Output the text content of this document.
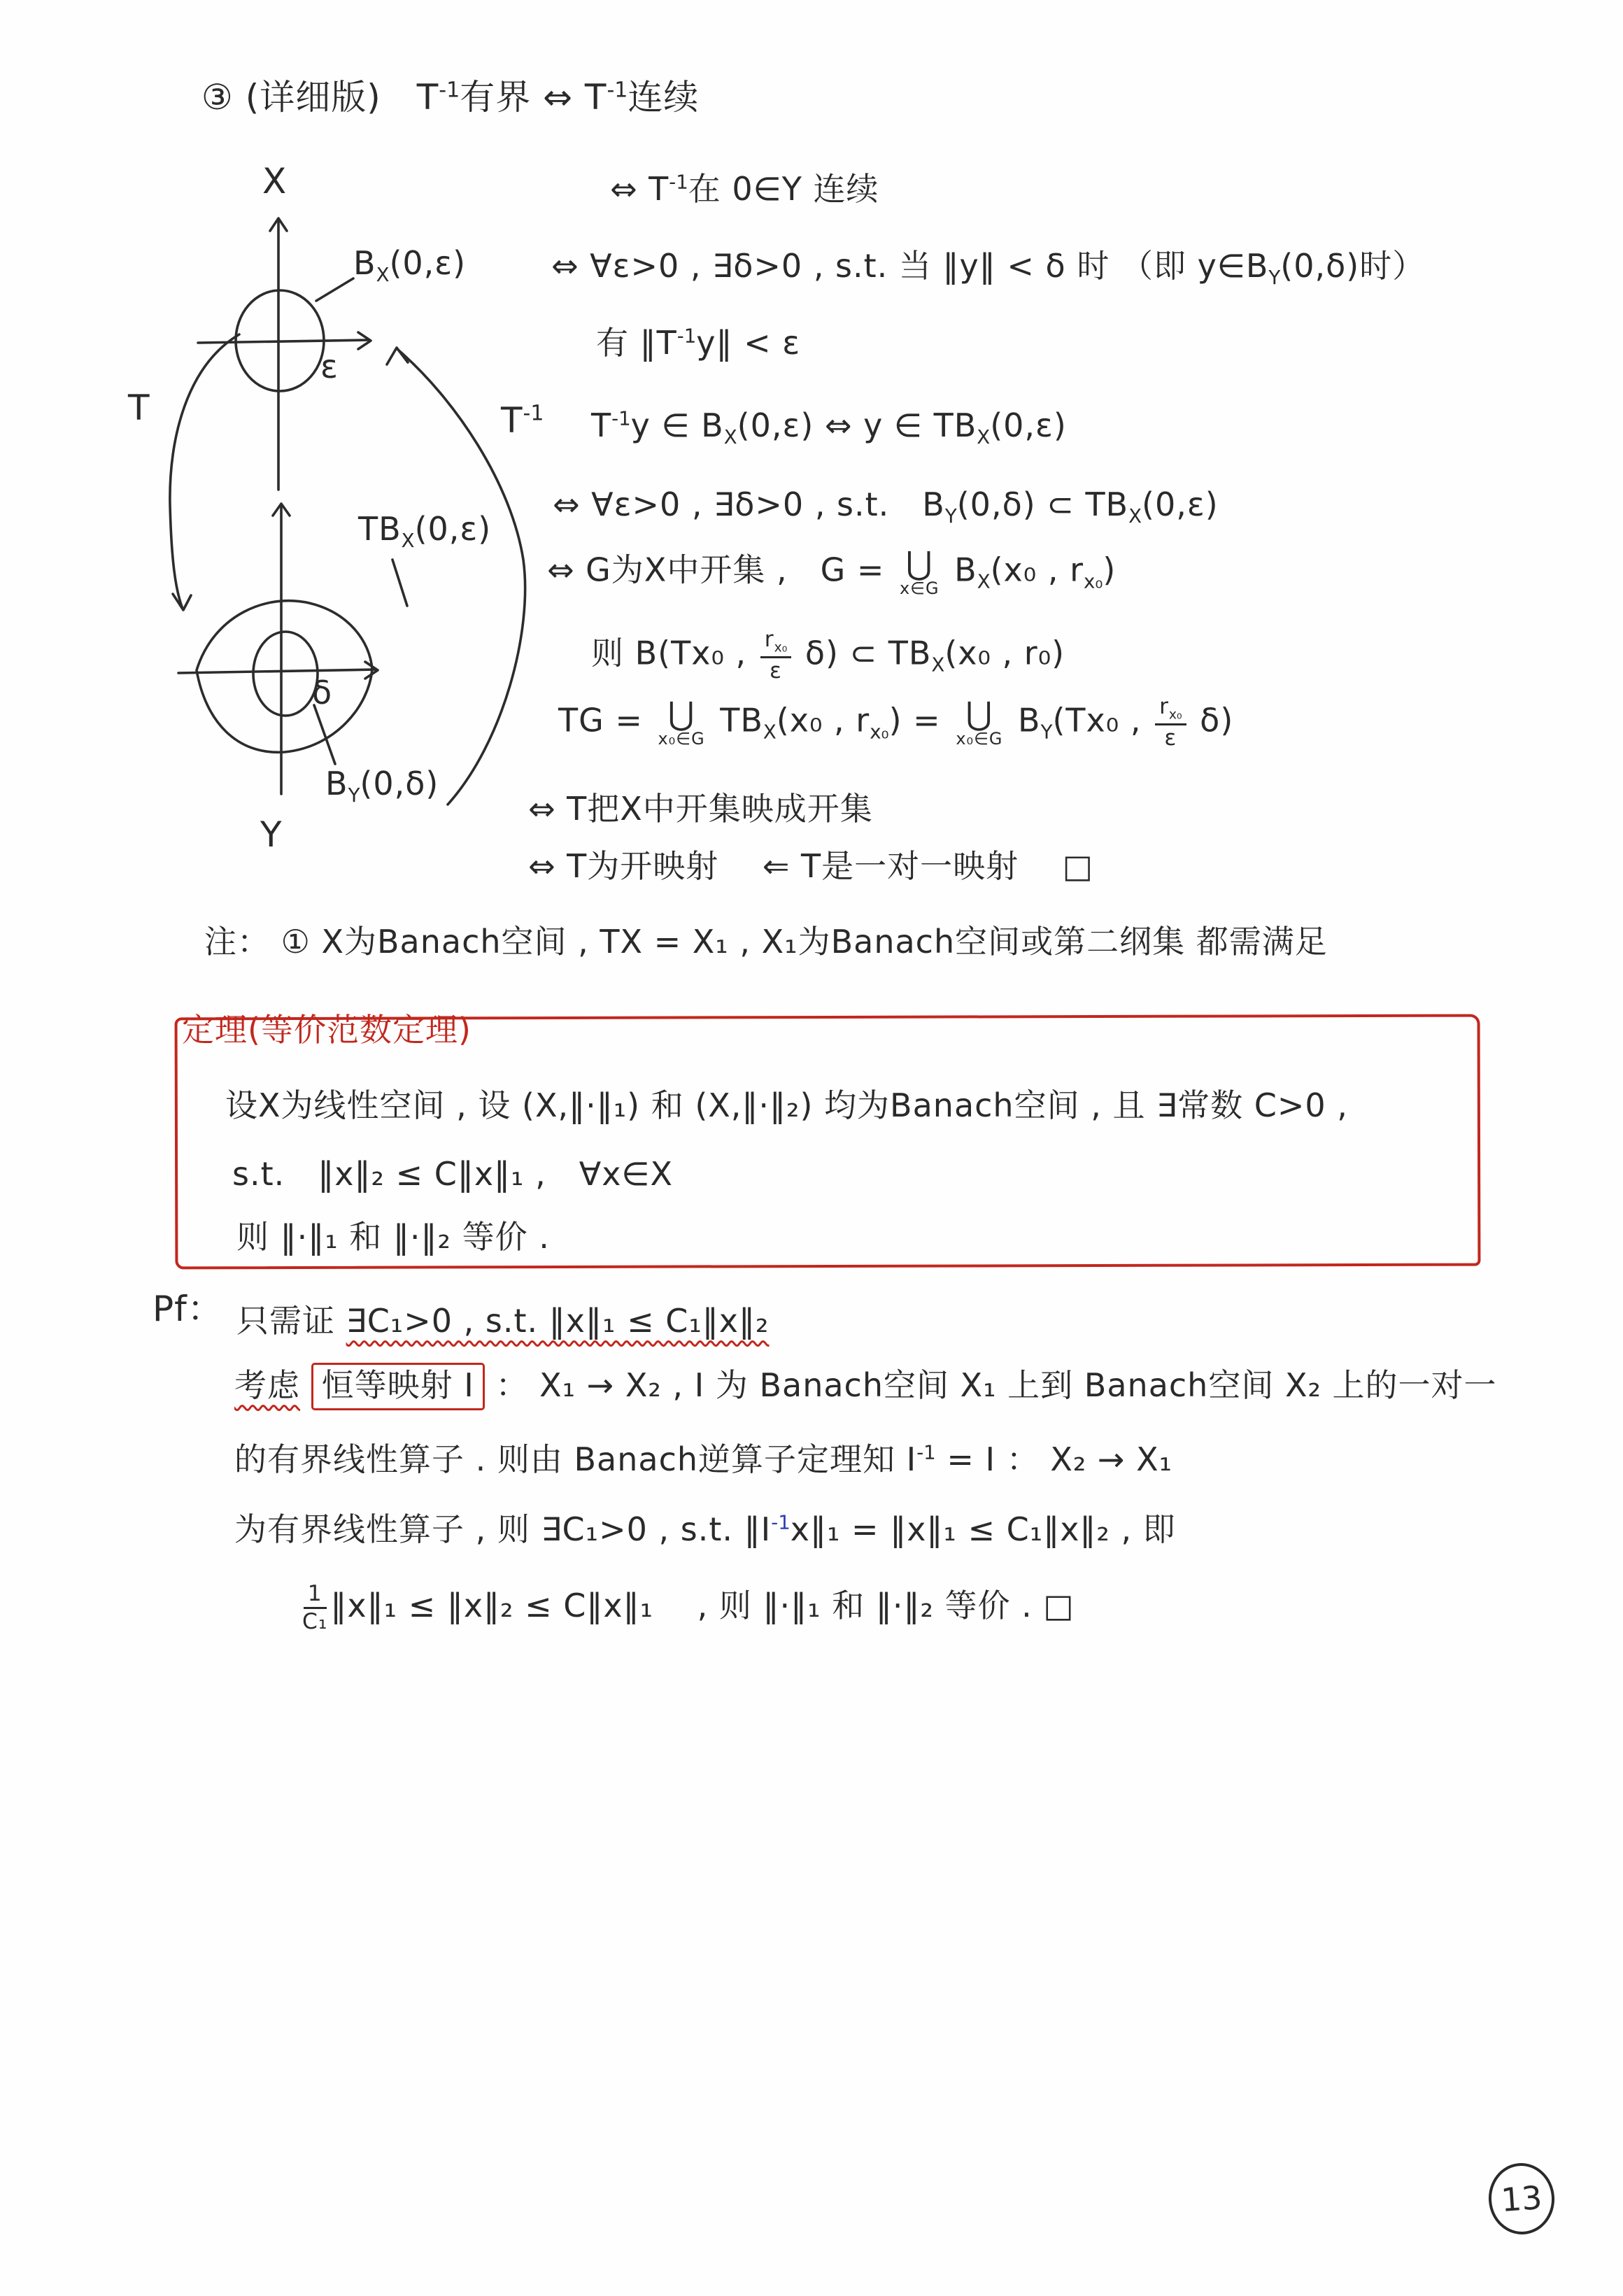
③ (详细版)　$T^{-1}$有界 ⇔ $T^{-1}$连续
X
$B_X(0,\varepsilon)$
ε
T	$T^{-1}$
$TB_X(0,\varepsilon)$
δ
$B_Y(0,\delta)$
Y
⇔ $T^{-1}$在 0∈Y 连续
⇔ ∀ε>0 , ∃δ>0 , s.t. 当 ‖y‖ < δ 时 （即 $y\in B_Y(0,\delta)$时）
有 $‖T^{-1}y‖ < \varepsilon$
$T^{-1}y$ ∈ $B_X(0,\varepsilon)$ ⇔ y ∈ $TB_X(0,\varepsilon)$
⇔ ∀ε>0 , ∃δ>0 , s.t.　$B_Y(0,\delta)$ ⊂ $TB_X(0,\varepsilon)$
⇔ G为X中开集 ,　G = ⋃
x∈G $B_X(x_0$ , $r_{x_0}$)
则 B(Tx₀ , $\frac{r_{x_0}}{\varepsilon} \delta$) ⊂ $TB_X(x_0$ , r₀)
TG = ⋃
x₀∈G $TB_X(x_0$ , $r_{x_0}$) = ⋃
x₀∈G $B_Y(Tx_0$ , $\frac{r_{x_0}}{\varepsilon} \delta$)
⇔ T把X中开集映成开集
⇔ T为开映射　 ⇐ T是一对一映射　 □
注： ① X为Banach空间 , TX = X₁ , X₁为Banach空间或第二纲集 都需满足
定理(等价范数定理)
设X为线性空间 , 设 (X,‖·‖₁) 和 (X,‖·‖₂) 均为Banach空间 , 且 ∃常数 C>0 ,
s.t.　‖x‖₂ ≤ C‖x‖₁ ,　∀x∈X
则 ‖·‖₁ 和 ‖·‖₂ 等价 .
Pf： 只需证 ∃C₁>0 , s.t. ‖x‖₁ ≤ C₁‖x‖₂
考虑 恒等映射 I ： X₁ → X₂ , I 为 Banach空间 X₁ 上到 Banach空间 X₂ 上的一对一
的有界线性算子 . 则由 Banach逆算子定理知 $I^{-1} = I$ ： X₂ → X₁
为有界线性算子 , 则 ∃C₁>0 , s.t. $‖I^{-1}x‖_1$ = ‖x‖₁ ≤ C₁‖x‖₂ , 即
$\frac{1}{\text{C₁}}$ ‖x‖₁ ≤ ‖x‖₂ ≤ C‖x‖₁ 　, 则 ‖·‖₁ 和 ‖·‖₂ 等价 . □
13
